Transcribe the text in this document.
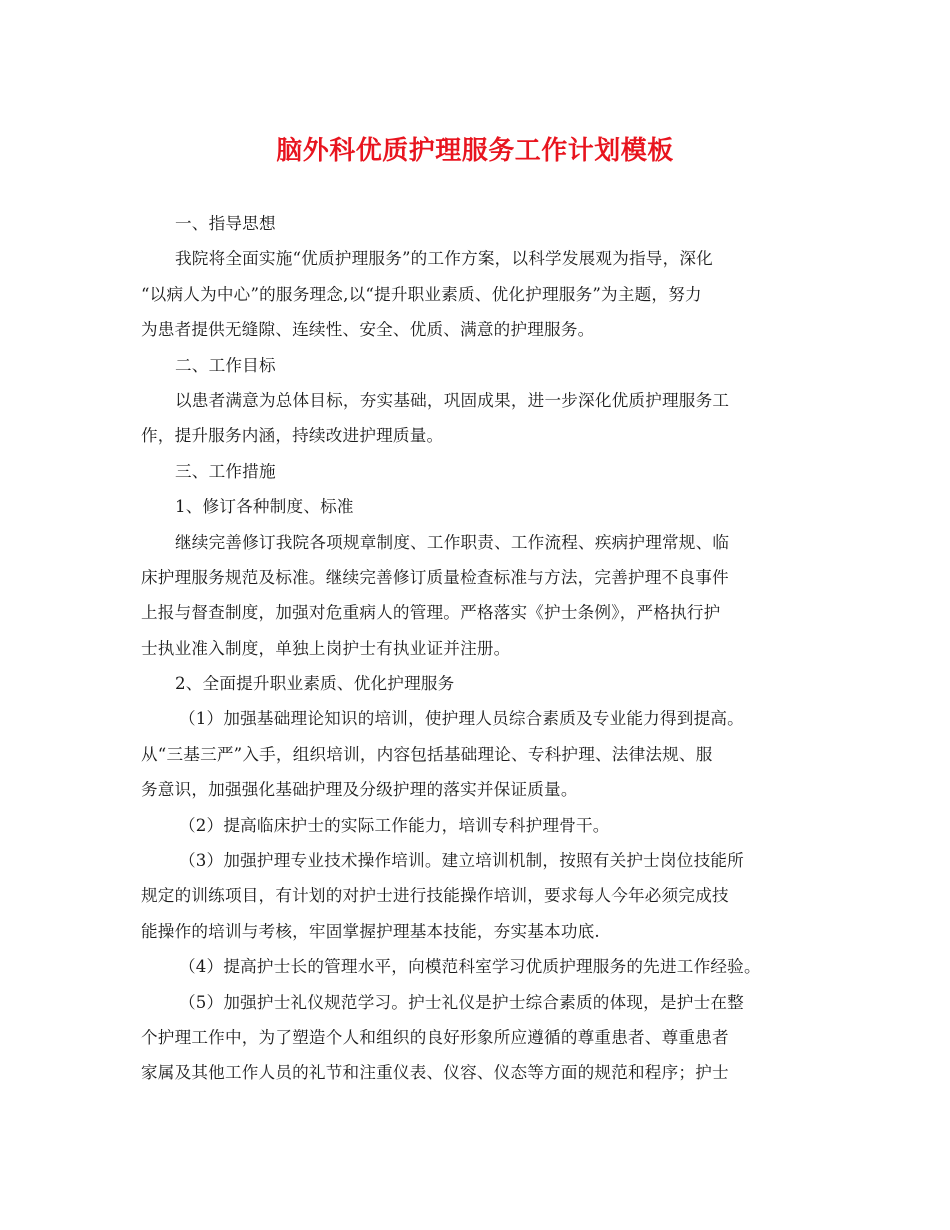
脑外科优质护理服务工作计划模板
一、指导思想
我院将全面实施“优质护理服务”的工作方案，以科学发展观为指导，深化
“以病人为中心”的服务理念,以“提升职业素质、优化护理服务”为主题，努力
为患者提供无缝隙、连续性、安全、优质、满意的护理服务。
二、工作目标
以患者满意为总体目标，夯实基础，巩固成果，进一步深化优质护理服务工
作，提升服务内涵，持续改进护理质量。
三、工作措施
1、修订各种制度、标准
继续完善修订我院各项规章制度、工作职责、工作流程、疾病护理常规、临
床护理服务规范及标准。继续完善修订质量检查标准与方法，完善护理不良事件
上报与督查制度，加强对危重病人的管理。严格落实《护士条例》，严格执行护
士执业准入制度，单独上岗护士有执业证并注册。
2、全面提升职业素质、优化护理服务
（1）加强基础理论知识的培训，使护理人员综合素质及专业能力得到提高。
从“三基三严”入手，组织培训，内容包括基础理论、专科护理、法律法规、服
务意识，加强强化基础护理及分级护理的落实并保证质量。
（2）提高临床护士的实际工作能力，培训专科护理骨干。
（3）加强护理专业技术操作培训。建立培训机制，按照有关护士岗位技能所
规定的训练项目，有计划的对护士进行技能操作培训，要求每人今年必须完成技
能操作的培训与考核，牢固掌握护理基本技能，夯实基本功底.
（4）提高护士长的管理水平，向模范科室学习优质护理服务的先进工作经验。
（5）加强护士礼仪规范学习。护士礼仪是护士综合素质的体现，是护士在整
个护理工作中，为了塑造个人和组织的良好形象所应遵循的尊重患者、尊重患者
家属及其他工作人员的礼节和注重仪表、仪容、仪态等方面的规范和程序；护士
